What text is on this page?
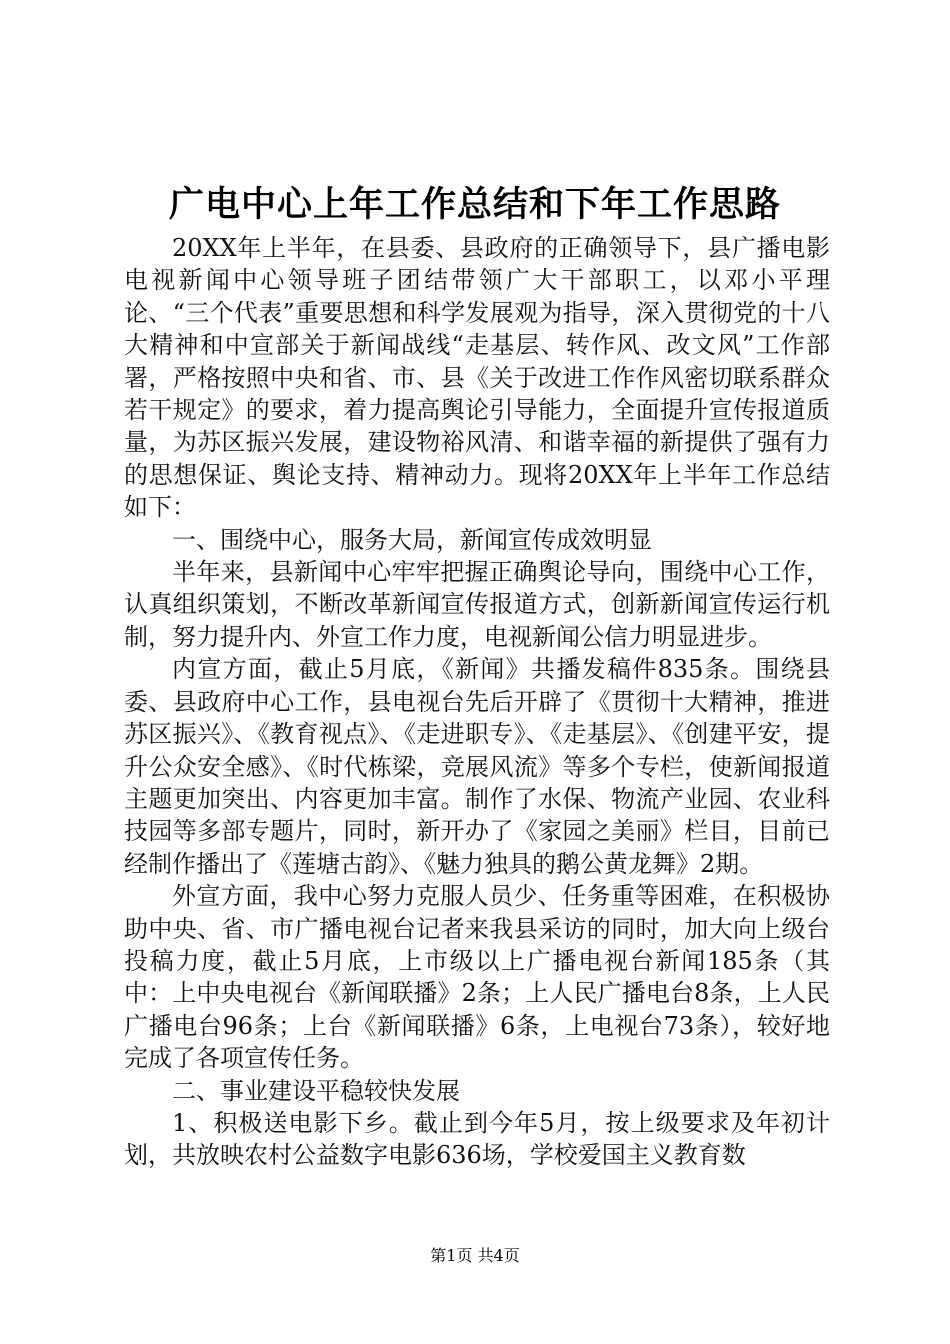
广电中心上年工作总结和下年工作思路

20XX年上半年，在县委、县政府的正确领导下，县广播电影电视新闻中心领导班子团结带领广大干部职工，以邓小平理论、“三个代表”重要思想和科学发展观为指导，深入贯彻党的十八大精神和中宣部关于新闻战线“走基层、转作风、改文风”工作部署，严格按照中央和省、市、县《关于改进工作作风密切联系群众若干规定》的要求，着力提高舆论引导能力，全面提升宣传报道质量，为苏区振兴发展，建设物裕风清、和谐幸福的新提供了强有力的思想保证、舆论支持、精神动力。现将20XX年上半年工作总结如下：

一、围绕中心，服务大局，新闻宣传成效明显

半年来，县新闻中心牢牢把握正确舆论导向，围绕中心工作，认真组织策划，不断改革新闻宣传报道方式，创新新闻宣传运行机制，努力提升内、外宣工作力度，电视新闻公信力明显进步。

内宣方面，截止5月底，《新闻》共播发稿件835条。围绕县委、县政府中心工作，县电视台先后开辟了《贯彻十大精神，推进苏区振兴》、《教育视点》、《走进职专》、《走基层》、《创建平安，提升公众安全感》、《时代栋梁，竞展风流》等多个专栏，使新闻报道主题更加突出、内容更加丰富。制作了水保、物流产业园、农业科技园等多部专题片，同时，新开办了《家园之美丽》栏目，目前已经制作播出了《莲塘古韵》、《魅力独具的鹅公黄龙舞》2期。

外宣方面，我中心努力克服人员少、任务重等困难，在积极协助中央、省、市广播电视台记者来我县采访的同时，加大向上级台投稿力度，截止5月底，上市级以上广播电视台新闻185条（其中：上中央电视台《新闻联播》2条；上人民广播电台8条，上人民广播电台96条；上台《新闻联播》6条，上电视台73条），较好地完成了各项宣传任务。

二、事业建设平稳较快发展

1、积极送电影下乡。截止到今年5月，按上级要求及年初计划，共放映农村公益数字电影636场，学校爱国主义教育数

第1页 共4页
